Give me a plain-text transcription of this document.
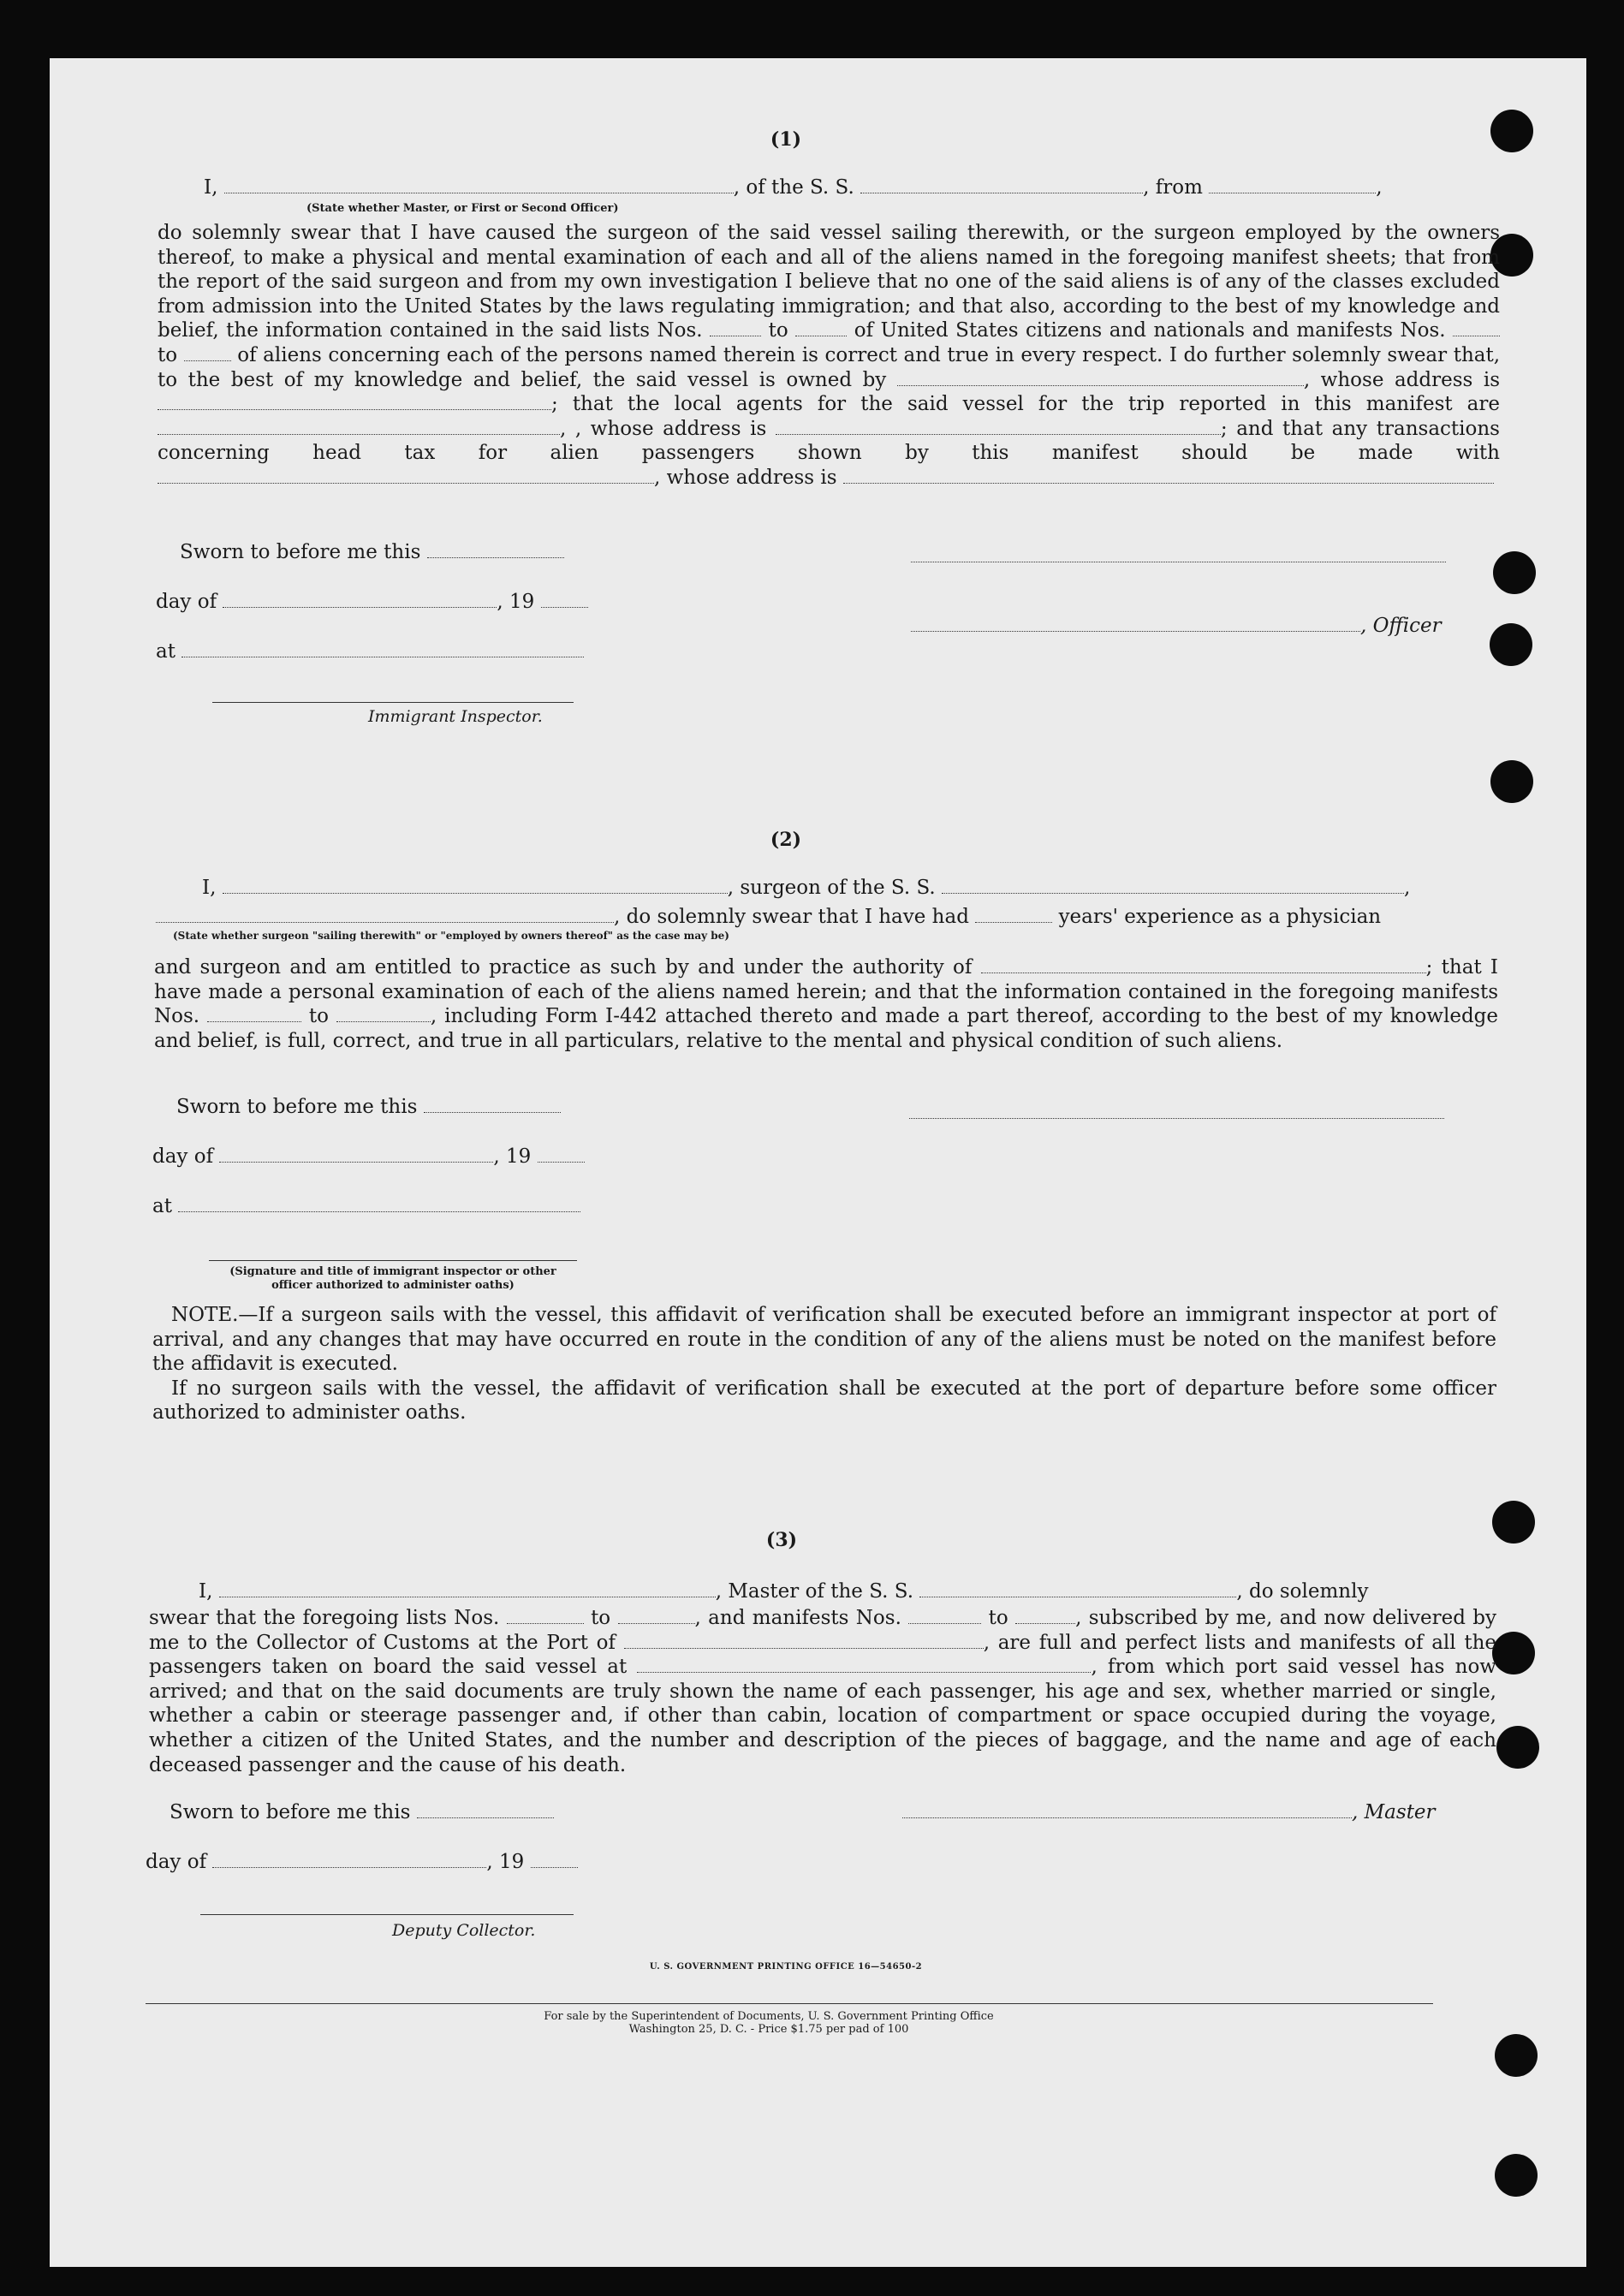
(1)
I,	, of the S. S.	, from	,
(State whether Master, or First or Second Officer)
do solemnly swear that I have caused the surgeon of the said vessel sailing therewith, or the surgeon employed by the owners thereof, to make a physical and mental examination of each and all of the aliens named in the foregoing manifest sheets; that from the report of the said surgeon and from my own investigation I believe that no one of the said aliens is of any of the classes excluded from admission into the United States by the laws regulating immigration; and that also, according to the best of my knowledge and belief, the information contained in the said lists Nos.	to	of United States citizens and nationals and manifests Nos.  to	of aliens concerning each of the persons named therein is correct and true in every respect. I do further solemnly swear that, to the best of my knowledge and belief, the said vessel is owned by	, whose address is ; that the local agents for the said vessel for the trip reported in this manifest are , , whose address is	; and that any transactions concerning head tax for alien passengers shown by this manifest should be made with , whose address is
Sworn to before me this
day of	, 19
, Officer
at
Immigrant Inspector.
(2)
I,	, surgeon of the S. S.	,
, do solemnly swear that I have had	years' experience as a physician
(State whether surgeon "sailing therewith" or "employed by owners thereof" as the case may be)
and surgeon and am entitled to practice as such by and under the authority of	; that I have made a personal examination of each of the aliens named herein; and that the information contained in the foregoing manifests Nos.	to	, including Form I-442 attached thereto and made a part thereof, according to the best of my knowledge and belief, is full, correct, and true in all particulars, relative to the mental and physical condition of such aliens.
Sworn to before me this
day of	, 19
at
(Signature and title of immigrant inspector or other officer authorized to administer oaths)
NOTE.—If a surgeon sails with the vessel, this affidavit of verification shall be executed before an immigrant inspector at port of arrival, and any changes that may have occurred en route in the condition of any of the aliens must be noted on the manifest before the affidavit is executed.
If no surgeon sails with the vessel, the affidavit of verification shall be executed at the port of departure before some officer authorized to administer oaths.
(3)
I,	, Master of the S. S.	, do solemnly
swear that the foregoing lists Nos.	to	, and manifests Nos.	to	, subscribed by me, and now delivered by me to the Collector of Customs at the Port of	, are full and perfect lists and manifests of all the passengers taken on board the said vessel at	, from which port said vessel has now arrived; and that on the said documents are truly shown the name of each passenger, his age and sex, whether married or single, whether a cabin or steerage passenger and, if other than cabin, location of compartment or space occupied during the voyage, whether a citizen of the United States, and the number and description of the pieces of baggage, and the name and age of each deceased passenger and the cause of his death.
Sworn to before me this	, Master
day of	, 19
Deputy Collector.
U. S. GOVERNMENT PRINTING OFFICE 16—54650-2
For sale by the Superintendent of Documents, U. S. Government Printing Office
Washington 25, D. C. - Price $1.75 per pad of 100
